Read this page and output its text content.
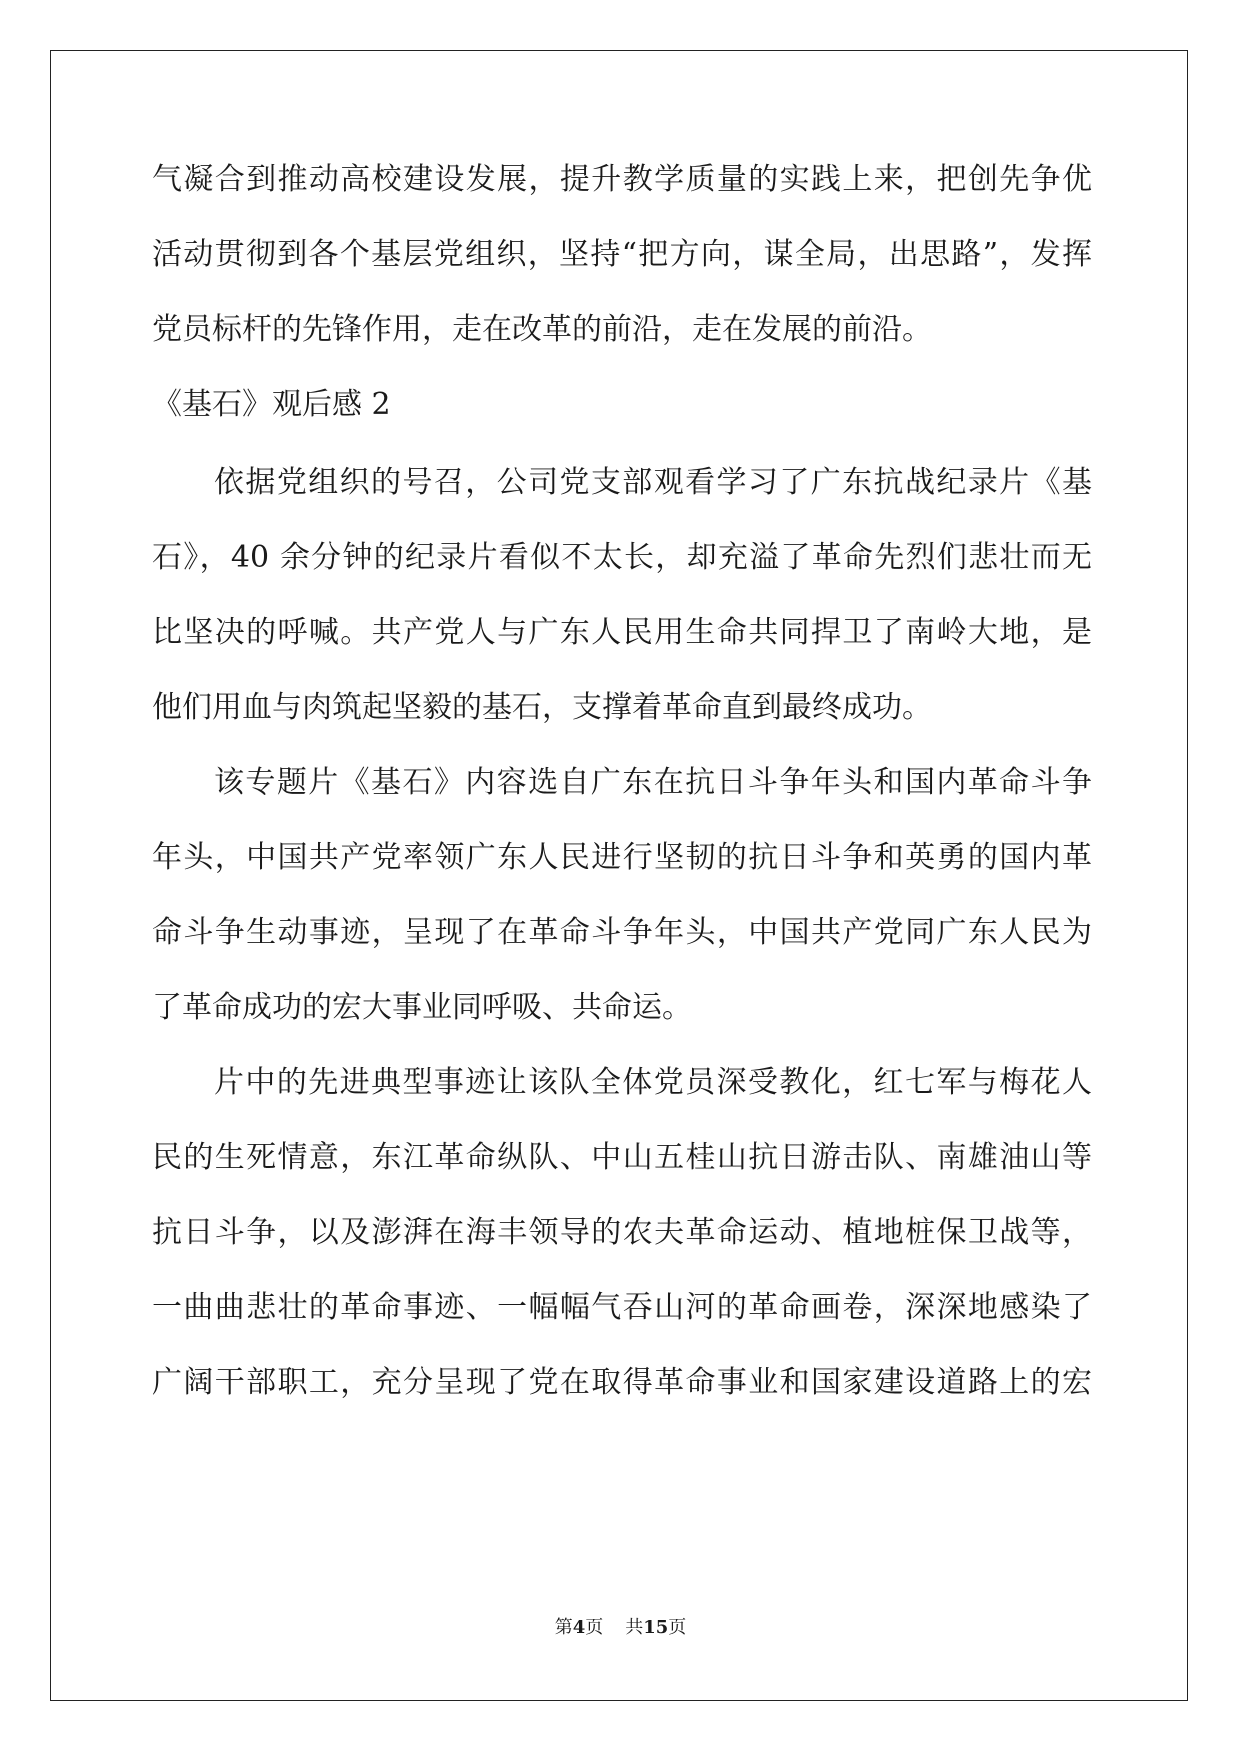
气凝合到推动高校建设发展，提升教学质量的实践上来，把创先争优
活动贯彻到各个基层党组织，坚持“把方向，谋全局，出思路”，发挥
党员标杆的先锋作用，走在改革的前沿，走在发展的前沿。
《基石》观后感 2
依据党组织的号召，公司党支部观看学习了广东抗战纪录片《基
石》，40 余分钟的纪录片看似不太长，却充溢了革命先烈们悲壮而无
比坚决的呼喊。共产党人与广东人民用生命共同捍卫了南岭大地，是
他们用血与肉筑起坚毅的基石，支撑着革命直到最终成功。
该专题片《基石》内容选自广东在抗日斗争年头和国内革命斗争
年头，中国共产党率领广东人民进行坚韧的抗日斗争和英勇的国内革
命斗争生动事迹，呈现了在革命斗争年头，中国共产党同广东人民为
了革命成功的宏大事业同呼吸、共命运。
片中的先进典型事迹让该队全体党员深受教化，红七军与梅花人
民的生死情意，东江革命纵队、中山五桂山抗日游击队、南雄油山等
抗日斗争，以及澎湃在海丰领导的农夫革命运动、植地桩保卫战等，
一曲曲悲壮的革命事迹、一幅幅气吞山河的革命画卷，深深地感染了
广阔干部职工，充分呈现了党在取得革命事业和国家建设道路上的宏
第4页 共15页
